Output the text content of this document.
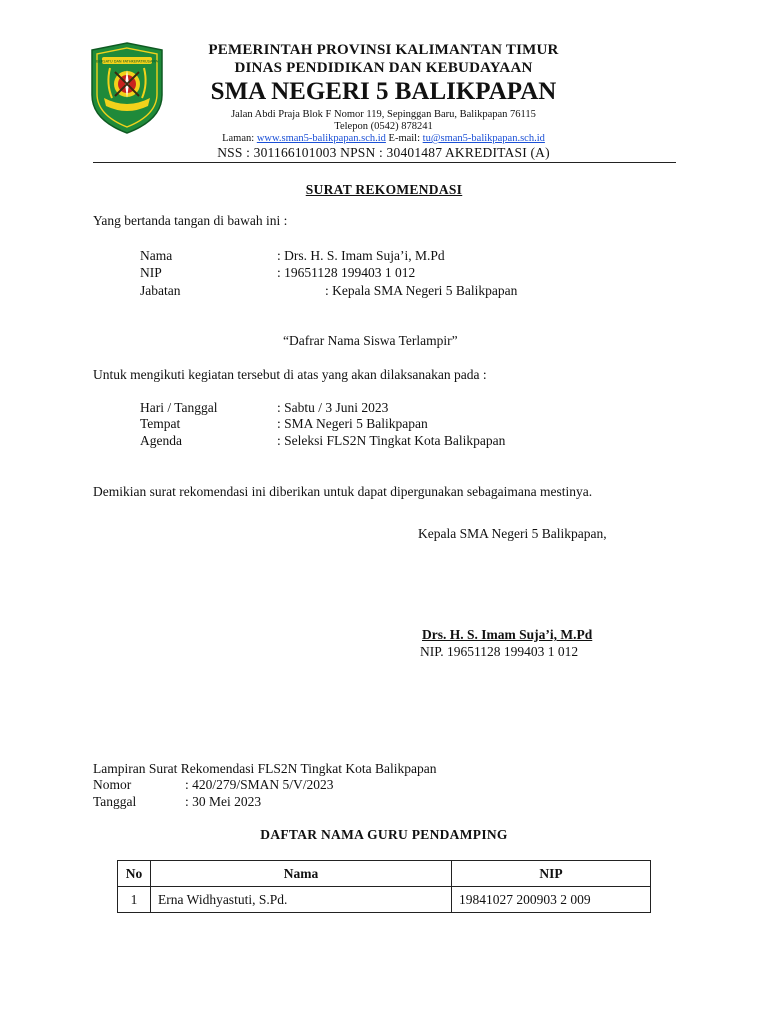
BERSATU DAN FATHKEPATRUSAMA
PEMERINTAH PROVINSI KALIMANTAN TIMUR
DINAS PENDIDIKAN DAN KEBUDAYAAN
SMA NEGERI 5 BALIKPAPAN
Jalan Abdi Praja Blok F Nomor 119, Sepinggan Baru, Balikpapan 76115
Telepon (0542) 878241
Laman: www.sman5-balikpapan.sch.id E-mail: tu@sman5-balikpapan.sch.id
NSS : 301166101003 NPSN : 30401487 AKREDITASI (A)
SURAT REKOMENDASI
Yang bertanda tangan di bawah ini :
Nama	: Drs. H. S. Imam Suja’i, M.Pd
NIP	: 19651128 199403 1 012
Jabatan	: Kepala SMA Negeri 5 Balikpapan
“Dafrar Nama Siswa Terlampir”
Untuk mengikuti kegiatan tersebut di atas yang akan dilaksanakan pada :
Hari / Tanggal	: Sabtu / 3 Juni 2023
Tempat	: SMA Negeri 5 Balikpapan
Agenda	: Seleksi FLS2N Tingkat Kota Balikpapan
Demikian surat rekomendasi ini diberikan untuk dapat dipergunakan sebagaimana mestinya.
Kepala SMA Negeri 5 Balikpapan,
Drs. H. S. Imam Suja’i, M.Pd
NIP. 19651128 199403 1 012
Lampiran Surat Rekomendasi FLS2N Tingkat Kota Balikpapan
Nomor	: 420/279/SMAN 5/V/2023
Tanggal	: 30 Mei 2023
DAFTAR NAMA GURU PENDAMPING
No	Nama	NIP
1	Erna Widhyastuti, S.Pd.	19841027 200903 2 009
